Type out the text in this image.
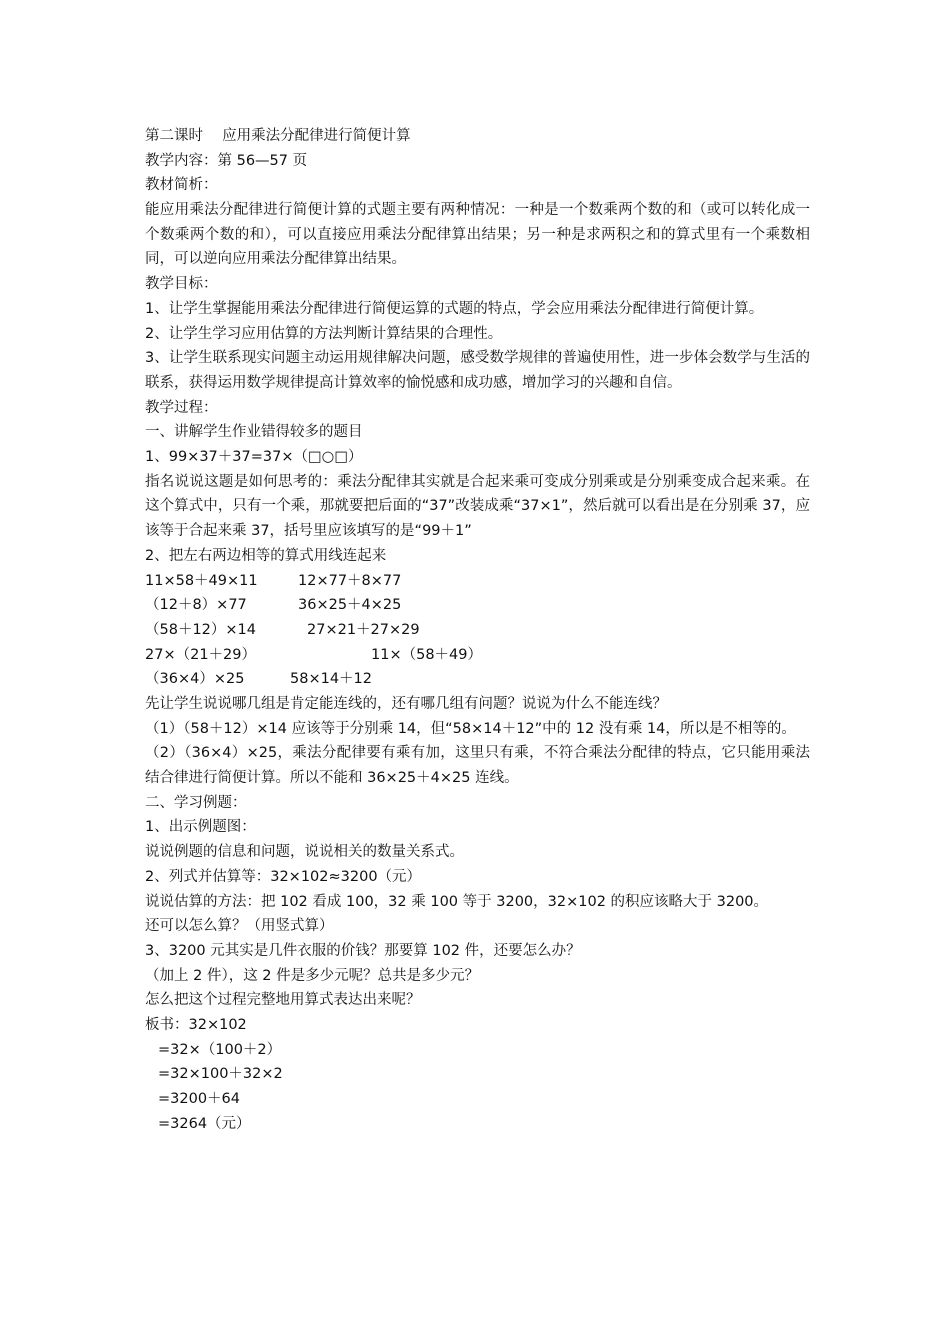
第二课时　 应用乘法分配律进行简便计算
教学内容：第 56—57 页
教材简析：
能应用乘法分配律进行简便计算的式题主要有两种情况：一种是一个数乘两个数的和（或可以转化成一个数乘两个数的和），可以直接应用乘法分配律算出结果；另一种是求两积之和的算式里有一个乘数相同，可以逆向应用乘法分配律算出结果。
教学目标：
1、让学生掌握能用乘法分配律进行简便运算的式题的特点，学会应用乘法分配律进行简便计算。
2、让学生学习应用估算的方法判断计算结果的合理性。
3、让学生联系现实问题主动运用规律解决问题，感受数学规律的普遍使用性，进一步体会数学与生活的联系，获得运用数学规律提高计算效率的愉悦感和成功感，增加学习的兴趣和自信。
教学过程：
一、讲解学生作业错得较多的题目
1、99×37＋37=37×（□○□）
指名说说这题是如何思考的：乘法分配律其实就是合起来乘可变成分别乘或是分别乘变成合起来乘。在这个算式中，只有一个乘，那就要把后面的“37”改装成乘“37×1”，然后就可以看出是在分别乘 37，应该等于合起来乘 37，括号里应该填写的是“99＋1”
2、把左右两边相等的算式用线连起来
11×58＋49×11	12×77＋8×77
（12＋8）×77	36×25＋4×25
（58＋12）×14	27×21＋27×29
27×（21＋29）	11×（58＋49）
（36×4）×25	58×14＋12
先让学生说说哪几组是肯定能连线的，还有哪几组有问题？说说为什么不能连线？
（1）（58＋12）×14 应该等于分别乘 14，但“58×14＋12”中的 12 没有乘 14，所以是不相等的。
（2）（36×4）×25，乘法分配律要有乘有加，这里只有乘，不符合乘法分配律的特点，它只能用乘法结合律进行简便计算。所以不能和 36×25＋4×25 连线。
二、学习例题：
1、出示例题图：
说说例题的信息和问题，说说相关的数量关系式。
2、列式并估算等：32×102≈3200（元）
说说估算的方法：把 102 看成 100，32 乘 100 等于 3200，32×102 的积应该略大于 3200。
还可以怎么算？（用竖式算）
3、3200 元其实是几件衣服的价钱？那要算 102 件，还要怎么办？
（加上 2 件），这 2 件是多少元呢？总共是多少元？
怎么把这个过程完整地用算式表达出来呢？
板书：32×102
=32×（100＋2）
=32×100＋32×2
=3200＋64
=3264（元）
